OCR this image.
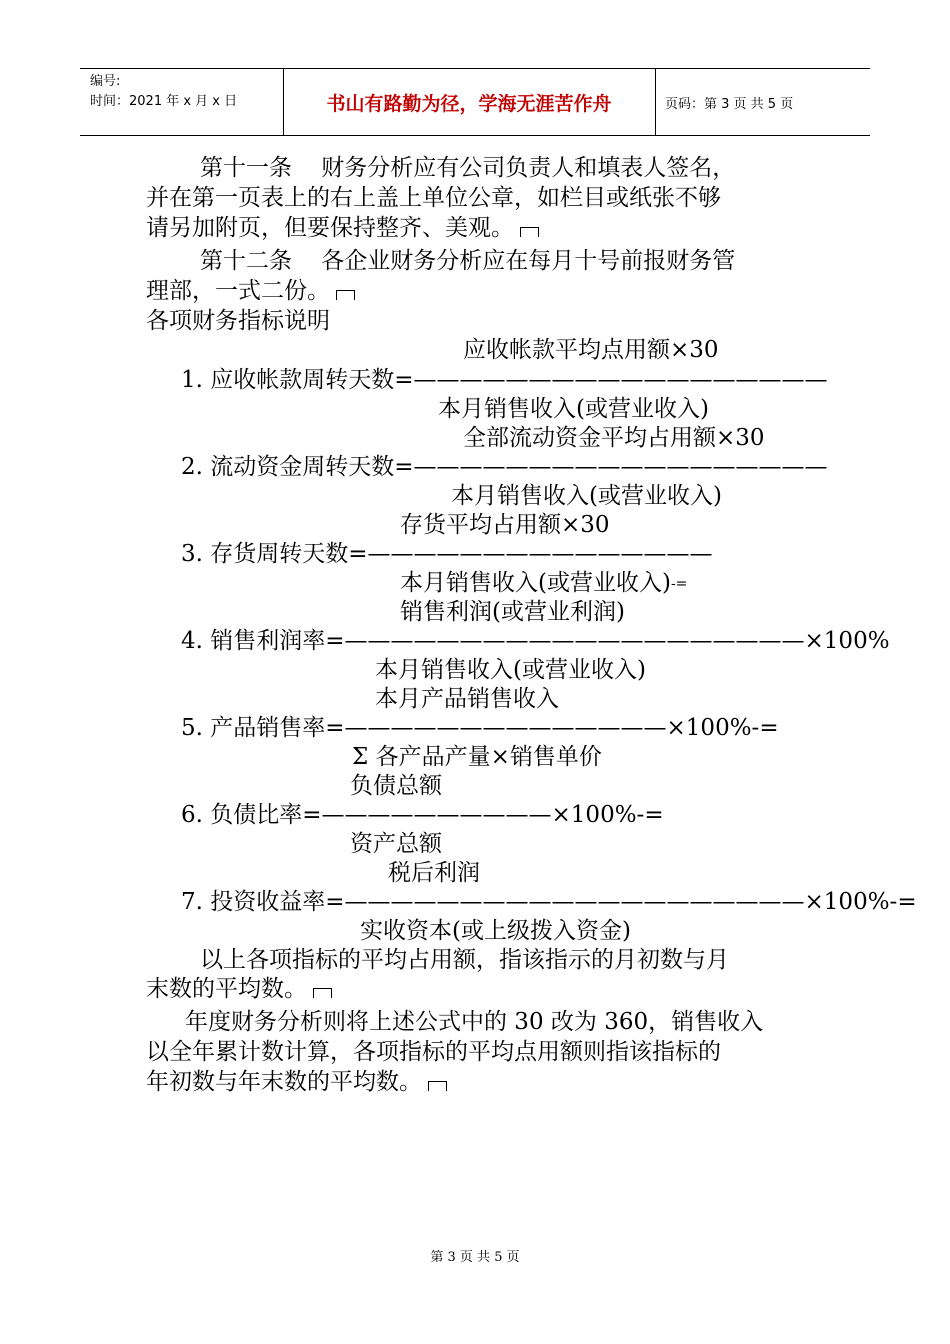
编号:
时间：2021 年 x 月 x 日	书山有路勤为径，学海无涯苦作舟	页码：第 3 页 共 5 页
第十一条    财务分析应有公司负责人和填表人签名，
并在第一页表上的右上盖上单位公章，如栏目或纸张不够
请另加附页，但要保持整齐、美观。
第十二条    各企业财务分析应在每月十号前报财务管
理部，一式二份。
各项财务指标说明
应收帐款平均点用额×30
1. 应收帐款周转天数=——————————————————
本月销售收入(或营业收入)
全部流动资金平均占用额×30
2. 流动资金周转天数=——————————————————
本月销售收入(或营业收入)
存货平均占用额×30
3. 存货周转天数=———————————————
本月销售收入(或营业收入)-=
销售利润(或营业利润)
4. 销售利润率=————————————————————×100%
本月销售收入(或营业收入)
本月产品销售收入
5. 产品销售率=——————————————×100%-=
Σ 各产品产量×销售单价
负债总额
6. 负债比率=——————————×100%-=
资产总额
税后利润
7. 投资收益率=————————————————————×100%-=
实收资本(或上级拨入资金)
以上各项指标的平均占用额，指该指示的月初数与月
末数的平均数。
年度财务分析则将上述公式中的 30 改为 360，销售收入
以全年累计数计算，各项指标的平均点用额则指该指标的
年初数与年末数的平均数。
第 3 页 共 5 页
